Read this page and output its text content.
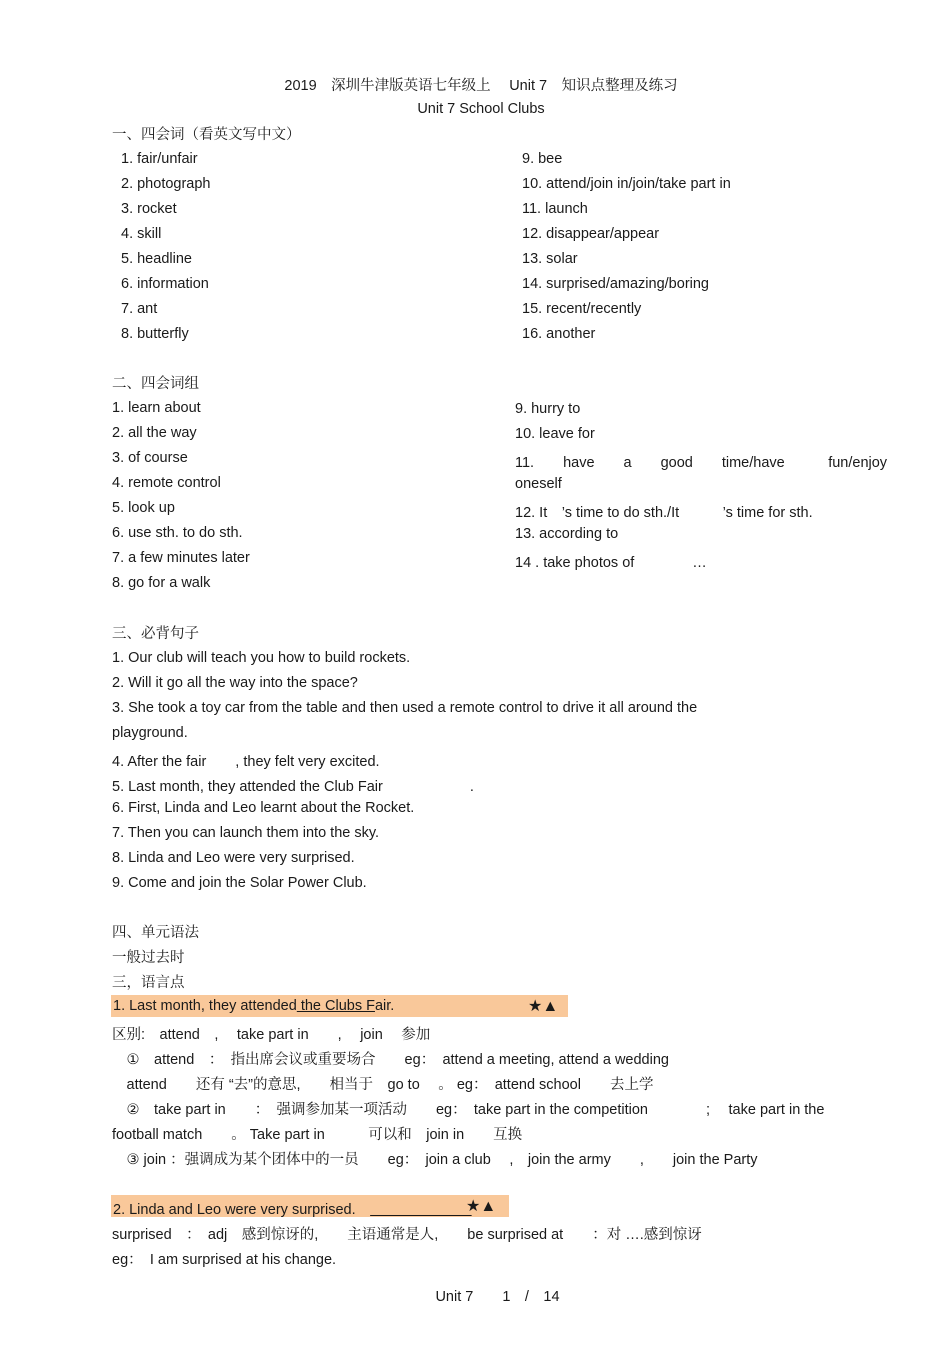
2019　深圳牛津版英语七年级上　 Unit 7　知识点整理及练习
Unit 7 School Clubs
一、四会词（看英文写中文）
1. fair/unfair
2. photograph
3. rocket
4. skill
5. headline
6. information
7. ant
8. butterfly
9. bee
10. attend/join in/join/take part in
11. launch
12. disappear/appear
13. solar
14. surprised/amazing/boring
15. recent/recently
16. another
二、四会词组
1. learn about
2. all the way
3. of course
4. remote control
5. look up
6. use sth. to do sth.
7. a few minutes later
8. go for a walk
9. hurry to
10. leave for
11.　　have　　a　　good　　time/have　　　fun/enjoy
oneself
12. It　’s time to do sth./It　　　’s time for sth.
13. according to
14 . take photos of　　　　…
三、必背句子
1. Our club will teach you how to build rockets.
2. Will it go all the way into the space?
3. She took a toy car from the table and then used a remote control to drive it all around the
playground.
4. After the fair　　, they felt very excited.
5. Last month, they attended the Club Fair　　　　　　.
6. First, Linda and Leo learnt about the Rocket.
7. Then you can launch them into the sky.
8. Linda and Leo were very surprised.
9. Come and join the Solar Power Club.
四、单元语法
一般过去时
三，语言点
1. Last month, they attended the Clubs Fair.	★▲
区别:　attend　,　 take part in　　,　 join　 参加
　①　attend　：　指出席会议或重要场合　　eg：　attend a meeting, attend a wedding
　attend　　还有 “去”的意思,　　相当于　go to　 。 eg：　attend school　　去上学
　②　take part in　　：　强调参加某一项活动　　eg：　take part in the competition　　　　;　 take part in the
football match　　。 Take part in　　　可以和　join in　　互换
　③ join ：强调成为某个团体中的一员　　eg：　join a club　 ,　join the army　　,　　join the Party
2. Linda and Leo were very surprised.　　　　　　　　	★▲
surprised　：　adj　感到惊讶的,　　主语通常是人,　　be surprised at　　：对 ….感到惊讶
eg：　I am surprised at his change.
Unit 7　　 1　/　14
